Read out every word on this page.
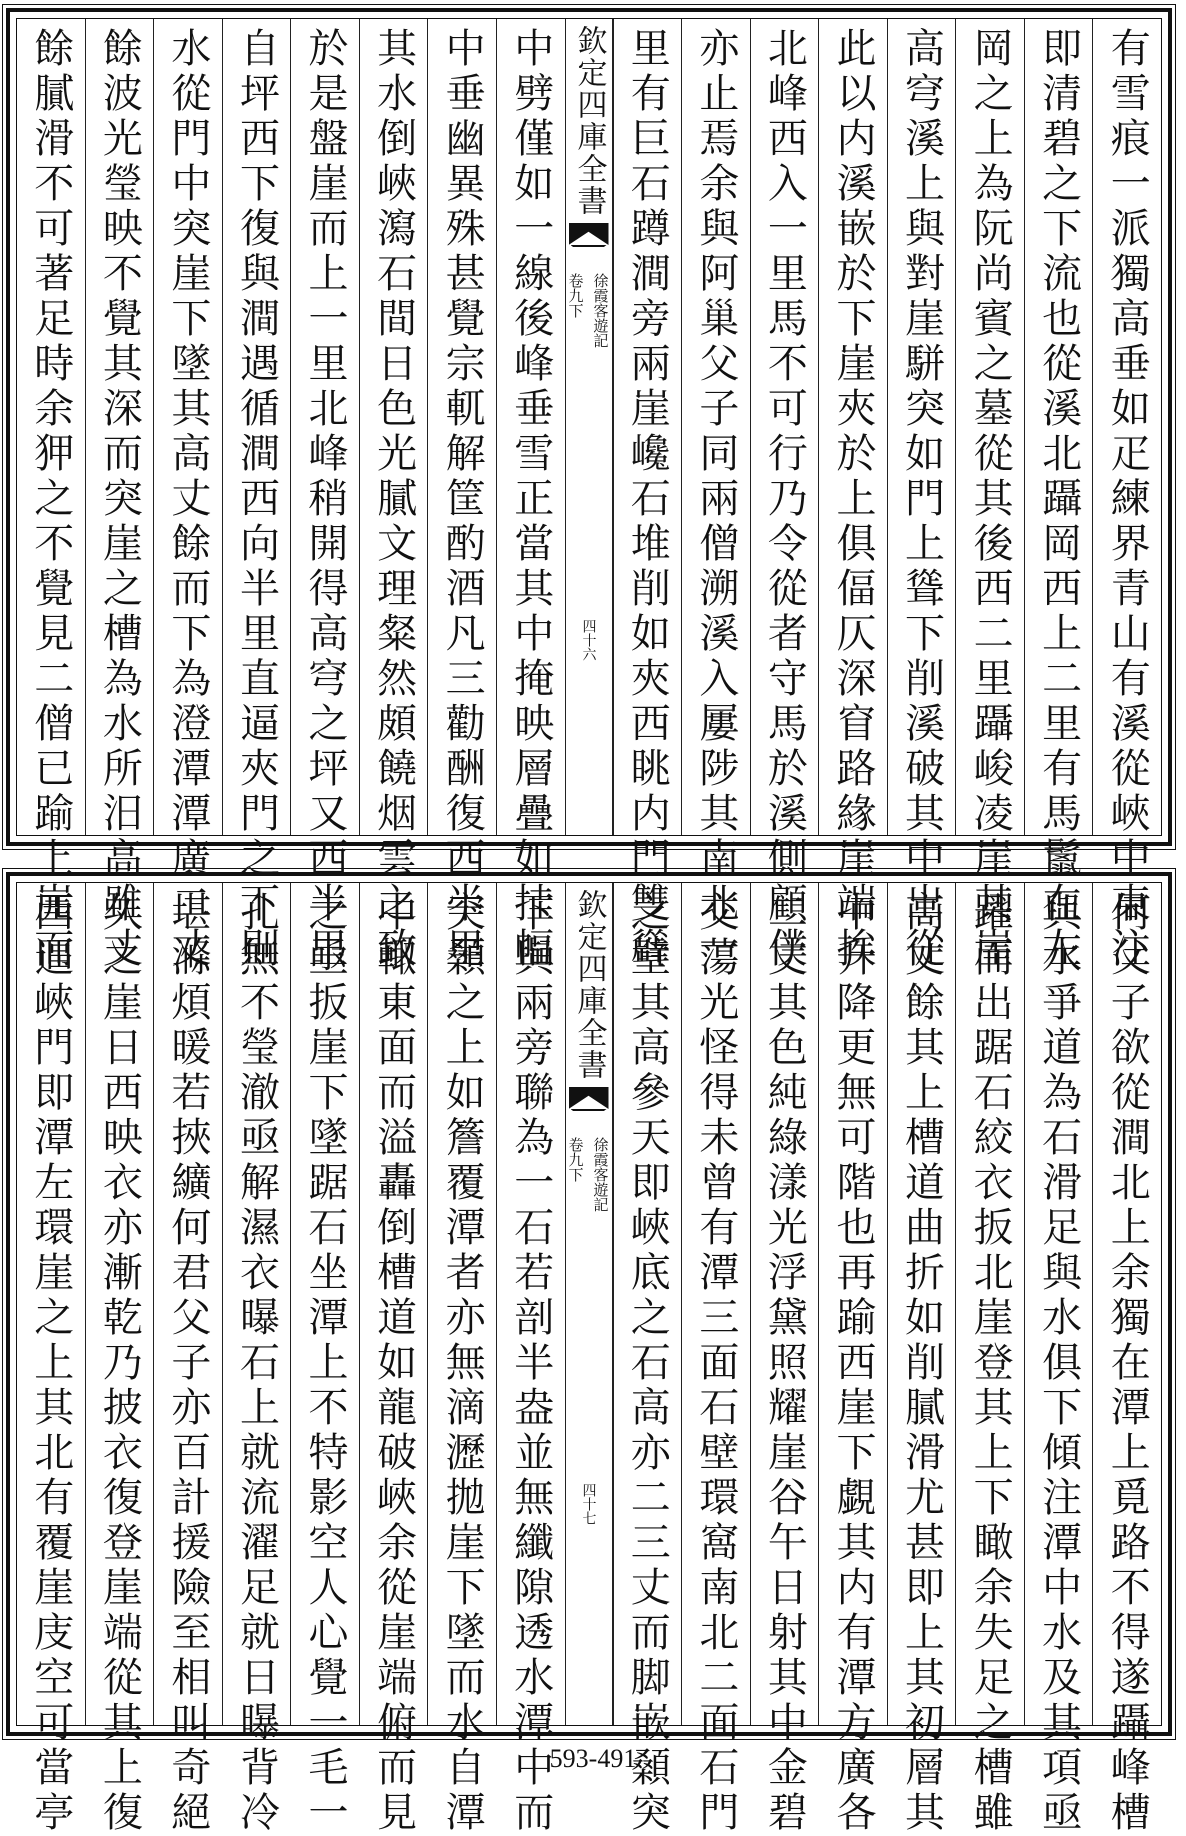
有雪痕一派獨高垂如疋練界青山有溪從峽中東注
即清碧之下流也從溪北躡岡西上二里有馬鬛在左
岡之上為阮尚賓之墓從其後西二里躡峻凌崖其崖
高穹溪上與對崖駢突如門上聳下削溪破其中出從
此以内溪嵌於下崖夾於上俱偪仄深窅路緣崖端挨
北峰西入一里馬不可行乃令從者守馬於溪側顧僕
亦止焉余與阿巢父子同兩僧溯溪入屢陟其南北一
里有巨石蹲澗旁兩崖巉石堆削如夾西眺内門雙聳
欽定四庫全書
徐霞客遊記
卷九下
四十六
中劈僅如一線後峰垂雪正當其中掩映層疊如挂幅
中垂幽異殊甚覺宗軏解筐酌酒凡三勸酬復西半里
其水倒峽瀉石間日色光膩文理粲然頗饒烟雲之致
於是盤崖而上一里北峰稍開得高穹之坪又西半里
自坪西下復與澗遇循澗西向半里直逼夾門之下則
水從門中突崖下墜其高丈餘而下為澄潭潭廣二丈
餘波光瑩映不覺其深而突崖之槽為水所汨高雖丈
餘膩滑不可著足時余狎之不覺見二僧已踰上崖而
何父子欲從澗北上余獨在潭上覓路不得遂躡峰槽
與水爭道為石滑足與水俱下傾注潭中水及其項亟
躍而出踞石絞衣扳北崖登其上下瞰余失足之槽雖
高丈餘其上槽道曲折如削膩滑尤甚即上其初層其
中升降更無可階也再踰西崖下覷其内有潭方廣各
二丈其色純綠漾光浮黛照耀崖谷午日射其中金碧
交蕩光怪得未曾有潭三面石壁環窩南北二面石門
之壁其高參天即峽底之石高亦二三丈而脚嵌顙突
欽定四庫全書
徐霞客遊記
卷九下
四十七
下與兩旁聯為一石若剖半盎並無纖隙透水潭中而
突顙之上如簷覆潭者亦無滴瀝拋崖下墜而水自潭
中輙東面而溢轟倒槽道如龍破峽余從崖端俯而見
之亟扳崖下墜踞石坐潭上不特影空人心覺一毛一
孔無不瑩澈亟解濕衣曝石上就流濯足就日曝背冷
堪滌煩暖若挾纊何君父子亦百計援險至相叫奇絕
久之崖日西映衣亦漸乾乃披衣復登崖端從其上復
西逼峽門即潭左環崖之上其北有覆崖庋空可當亭	593-491
